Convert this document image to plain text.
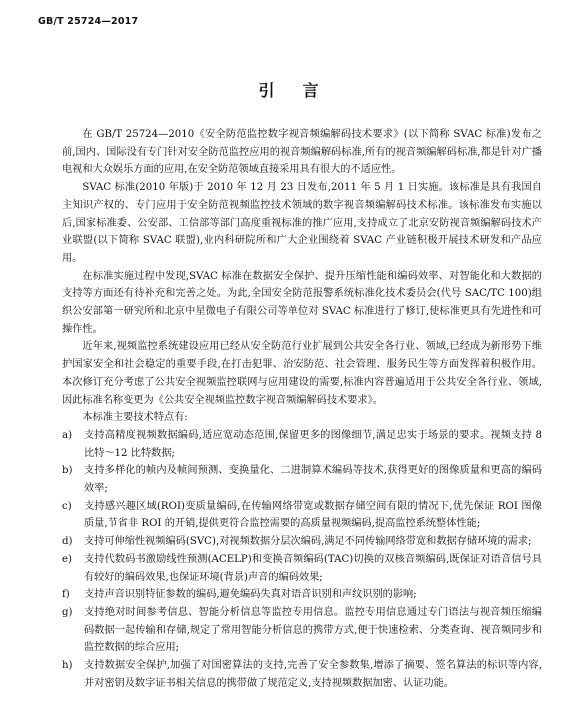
GB/T 25724—2017
引言

在 GB/T 25724—2010《安全防范监控数字视音频编解码技术要求》(以下简称 SVAC 标准)发布之前,国内、国际没有专门针对安全防范监控应用的视音频编解码标准,所有的视音频编解码标准,都是针对广播电视和大众娱乐方面的应用,在安全防范领域直接采用具有很大的不适应性。

SVAC 标准(2010 年版)于 2010 年 12 月 23 日发布,2011 年 5 月 1 日实施。该标准是具有我国自主知识产权的、专门应用于安全防范视频监控技术领域的数字视音频编解码技术标准。该标准发布实施以后,国家标准委、公安部、工信部等部门高度重视标准的推广应用,支持成立了北京安防视音频编解码技术产业联盟(以下简称 SVAC 联盟),业内科研院所和广大企业围绕着 SVAC 产业链积极开展技术研发和产品应用。

在标准实施过程中发现,SVAC 标准在数据安全保护、提升压缩性能和编码效率、对智能化和大数据的支持等方面还有待补充和完善之处。为此,全国安全防范报警系统标准化技术委员会(代号 SAC/TC 100)组织公安部第一研究所和北京中星微电子有限公司等单位对 SVAC 标准进行了修订,使标准更具有先进性和可操作性。

近年来,视频监控系统建设应用已经从安全防范行业扩展到公共安全各行业、领域,已经成为新形势下维护国家安全和社会稳定的重要手段,在打击犯罪、治安防范、社会管理、服务民生等方面发挥着积极作用。本次修订充分考虑了公共安全视频监控联网与应用建设的需要,标准内容普遍适用于公共安全各行业、领域,因此标准名称变更为《公共安全视频监控数字视音频编解码技术要求》。

本标准主要技术特点有:

a) 支持高精度视频数据编码,适应宽动态范围,保留更多的图像细节,满足忠实于场景的要求。视频支持 8 比特～12 比特数据;
b) 支持多样化的帧内及帧间预测、变换量化、二进制算术编码等技术,获得更好的图像质量和更高的编码效率;
c) 支持感兴趣区域(ROI)变质量编码,在传输网络带宽或数据存储空间有限的情况下,优先保证 ROI 图像质量,节省非 ROI 的开销,提供更符合监控需要的高质量视频编码,提高监控系统整体性能;
d) 支持可伸缩性视频编码(SVC),对视频数据分层次编码,满足不同传输网络带宽和数据存储环境的需求;
e) 支持代数码书激励线性预测(ACELP)和变换音频编码(TAC)切换的双核音频编码,既保证对语音信号具有较好的编码效果,也保证环境(背景)声音的编码效果;
f) 支持声音识别特征参数的编码,避免编码失真对语音识别和声纹识别的影响;
g) 支持绝对时间参考信息、智能分析信息等监控专用信息。监控专用信息通过专门语法与视音频压缩编码数据一起传输和存储,规定了常用智能分析信息的携带方式,便于快速检索、分类查询、视音频同步和监控数据的综合应用;
h) 支持数据安全保护,加强了对国密算法的支持,完善了安全参数集,增添了摘要、签名算法的标识等内容,并对密钥及数字证书相关信息的携带做了规范定义,支持视频数据加密、认证功能。
